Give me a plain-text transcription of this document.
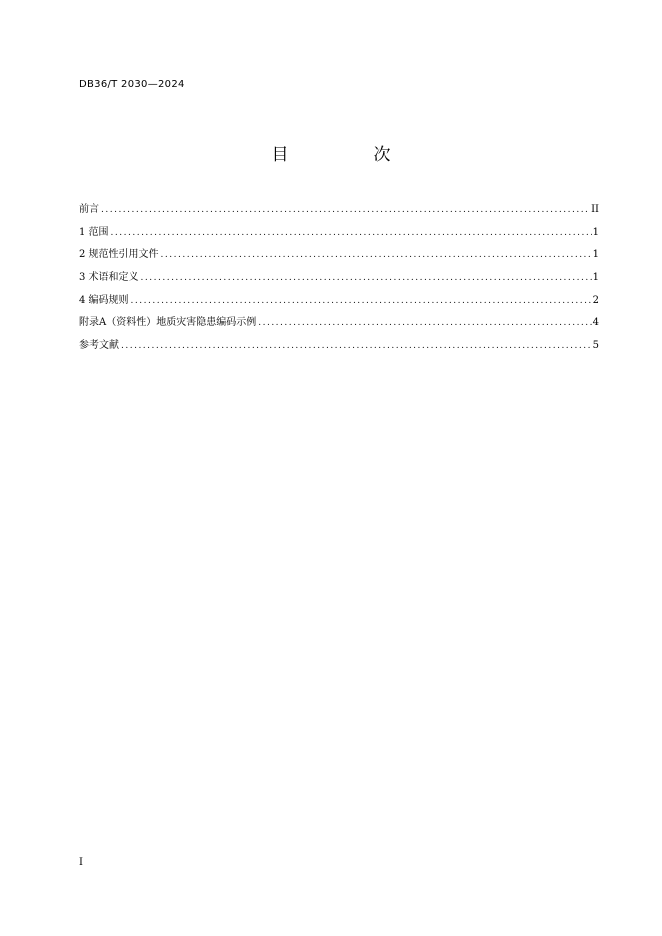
DB36/T 2030—2024
目　次
前言 .....	II
1 范围 .....	1
2 规范性引用文件 .....	1
3 术语和定义 .....	1
4 编码规则 .....	2
附录A（资料性）地质灾害隐患编码示例 .....	4
参考文献 .....	5
I
